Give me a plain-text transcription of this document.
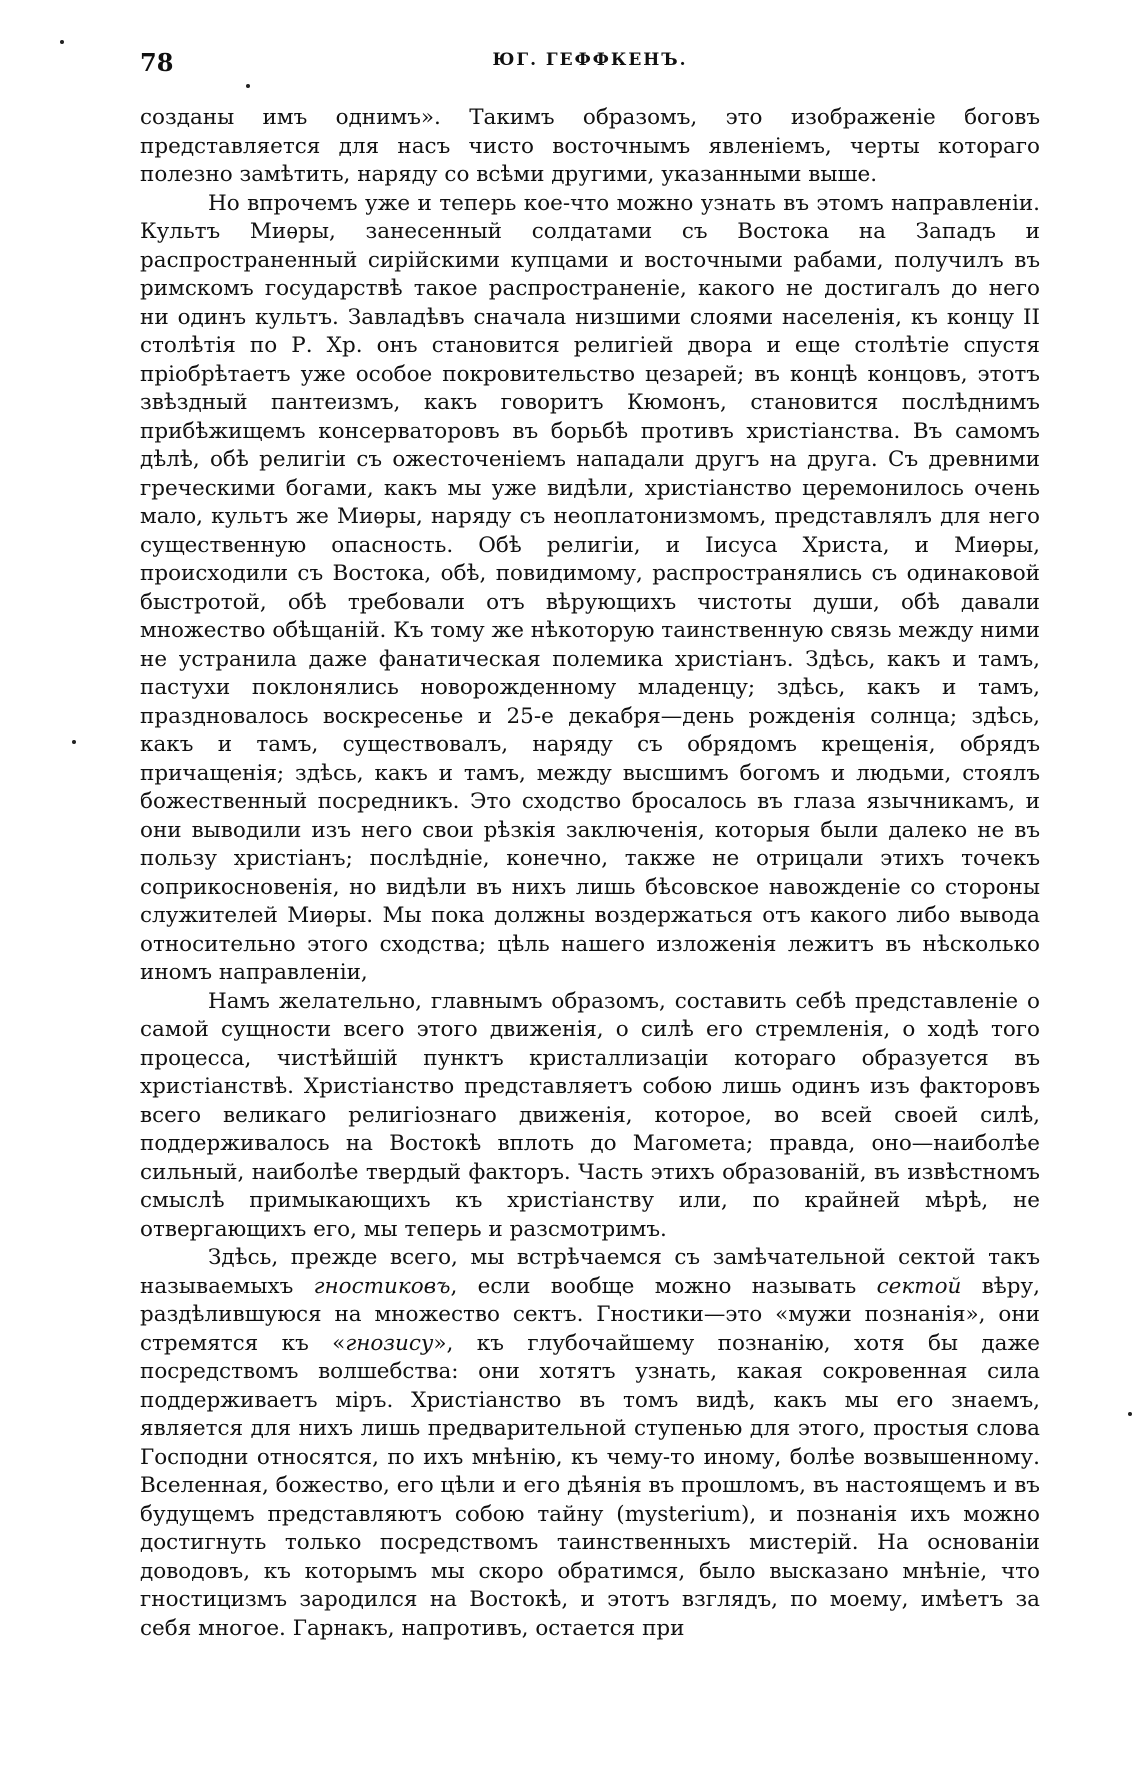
78	ЮГ. ГЕФФКЕНЪ.

созданы имъ однимъ». Такимъ образомъ, это изображенiе боговъ представляется для насъ чисто восточнымъ явленiемъ, черты котораго полезно замѣтить, наряду со всѣми другими, указанными выше.

Но впрочемъ уже и теперь кое-что можно узнать въ этомъ направленiи. Культъ Миѳры, занесенный солдатами съ Востока на Западъ и распространенный сирiйскими купцами и восточными рабами, получилъ въ римскомъ государствѣ такое распространенiе, какого не достигалъ до него ни одинъ культъ. Завладѣвъ сначала низшими слоями населенiя, къ концу II столѣтiя по Р. Хр. онъ становится религiей двора и еще столѣтiе спустя прiобрѣтаетъ уже особое покровительство цезарей; въ концѣ концовъ, этотъ звѣздный пантеизмъ, какъ говоритъ Кюмонъ, становится послѣднимъ прибѣжищемъ консерваторовъ въ борьбѣ противъ христiанства. Въ самомъ дѣлѣ, обѣ религiи съ ожесточенiемъ нападали другъ на друга. Съ древними греческими богами, какъ мы уже видѣли, христiанство церемонилось очень мало, культъ же Миѳры, наряду съ неоплатонизмомъ, представлялъ для него существенную опасность. Обѣ религiи, и Iисуса Христа, и Миѳры, происходили съ Востока, обѣ, повидимому, распространялись съ одинаковой быстротой, обѣ требовали отъ вѣрующихъ чистоты души, обѣ давали множество обѣщанiй. Къ тому же нѣкоторую таинственную связь между ними не устранила даже фанатическая полемика христiанъ. Здѣсь, какъ и тамъ, пастухи поклонялись новорожденному младенцу; здѣсь, какъ и тамъ, праздновалось воскресенье и 25-е декабря—день рожденiя солнца; здѣсь, какъ и тамъ, существовалъ, наряду съ обрядомъ крещенiя, обрядъ причащенiя; здѣсь, какъ и тамъ, между высшимъ богомъ и людьми, стоялъ божественный посредникъ. Это сходство бросалось въ глаза язычникамъ, и они выводили изъ него свои рѣзкiя заключенiя, которыя были далеко не въ пользу христiанъ; послѣднiе, конечно, также не отрицали этихъ точекъ соприкосновенiя, но видѣли въ нихъ лишь бѣсовское навожденiе со стороны служителей Миѳры. Мы пока должны воздержаться отъ какого либо вывода относительно этого сходства; цѣль нашего изложенiя лежитъ въ нѣсколько иномъ направленiи,

Намъ желательно, главнымъ образомъ, составить себѣ представленiе о самой сущности всего этого движенiя, о силѣ его стремленiя, о ходѣ того процесса, чистѣйшiй пунктъ кристаллизацiи котораго образуется въ христiанствѣ. Христiанство представляетъ собою лишь одинъ изъ факторовъ всего великаго религiознаго движенiя, которое, во всей своей силѣ, поддерживалось на Востокѣ вплоть до Магомета; правда, оно—наиболѣе сильный, наиболѣе твердый факторъ. Часть этихъ образованiй, въ извѣстномъ смыслѣ примыкающихъ къ христiанству или, по крайней мѣрѣ, не отвергающихъ его, мы теперь и разсмотримъ.

Здѣсь, прежде всего, мы встрѣчаемся съ замѣчательной сектой такъ называемыхъ гностиковъ, если вообще можно называть сектой вѣру, раздѣлившуюся на множество сектъ. Гностики—это «мужи познанiя», они стремятся къ «гнозису», къ глубочайшему познанiю, хотя бы даже посредствомъ волшебства: они хотятъ узнать, какая сокровенная сила поддерживаетъ мiръ. Христiанство въ томъ видѣ, какъ мы его знаемъ, является для нихъ лишь предварительной ступенью для этого, простыя слова Господни относятся, по ихъ мнѣнiю, къ чему-то иному, болѣе возвышенному. Вселенная, божество, его цѣли и его дѣянiя въ прошломъ, въ настоящемъ и въ будущемъ представляютъ собою тайну (mysterium), и познанiя ихъ можно достигнуть только посредствомъ таинственныхъ мистерiй. На основанiи доводовъ, къ которымъ мы скоро обратимся, было высказано мнѣнiе, что гностицизмъ зародился на Востокѣ, и этотъ взглядъ, по моему, имѣетъ за себя многое. Гарнакъ, напротивъ, остается при
